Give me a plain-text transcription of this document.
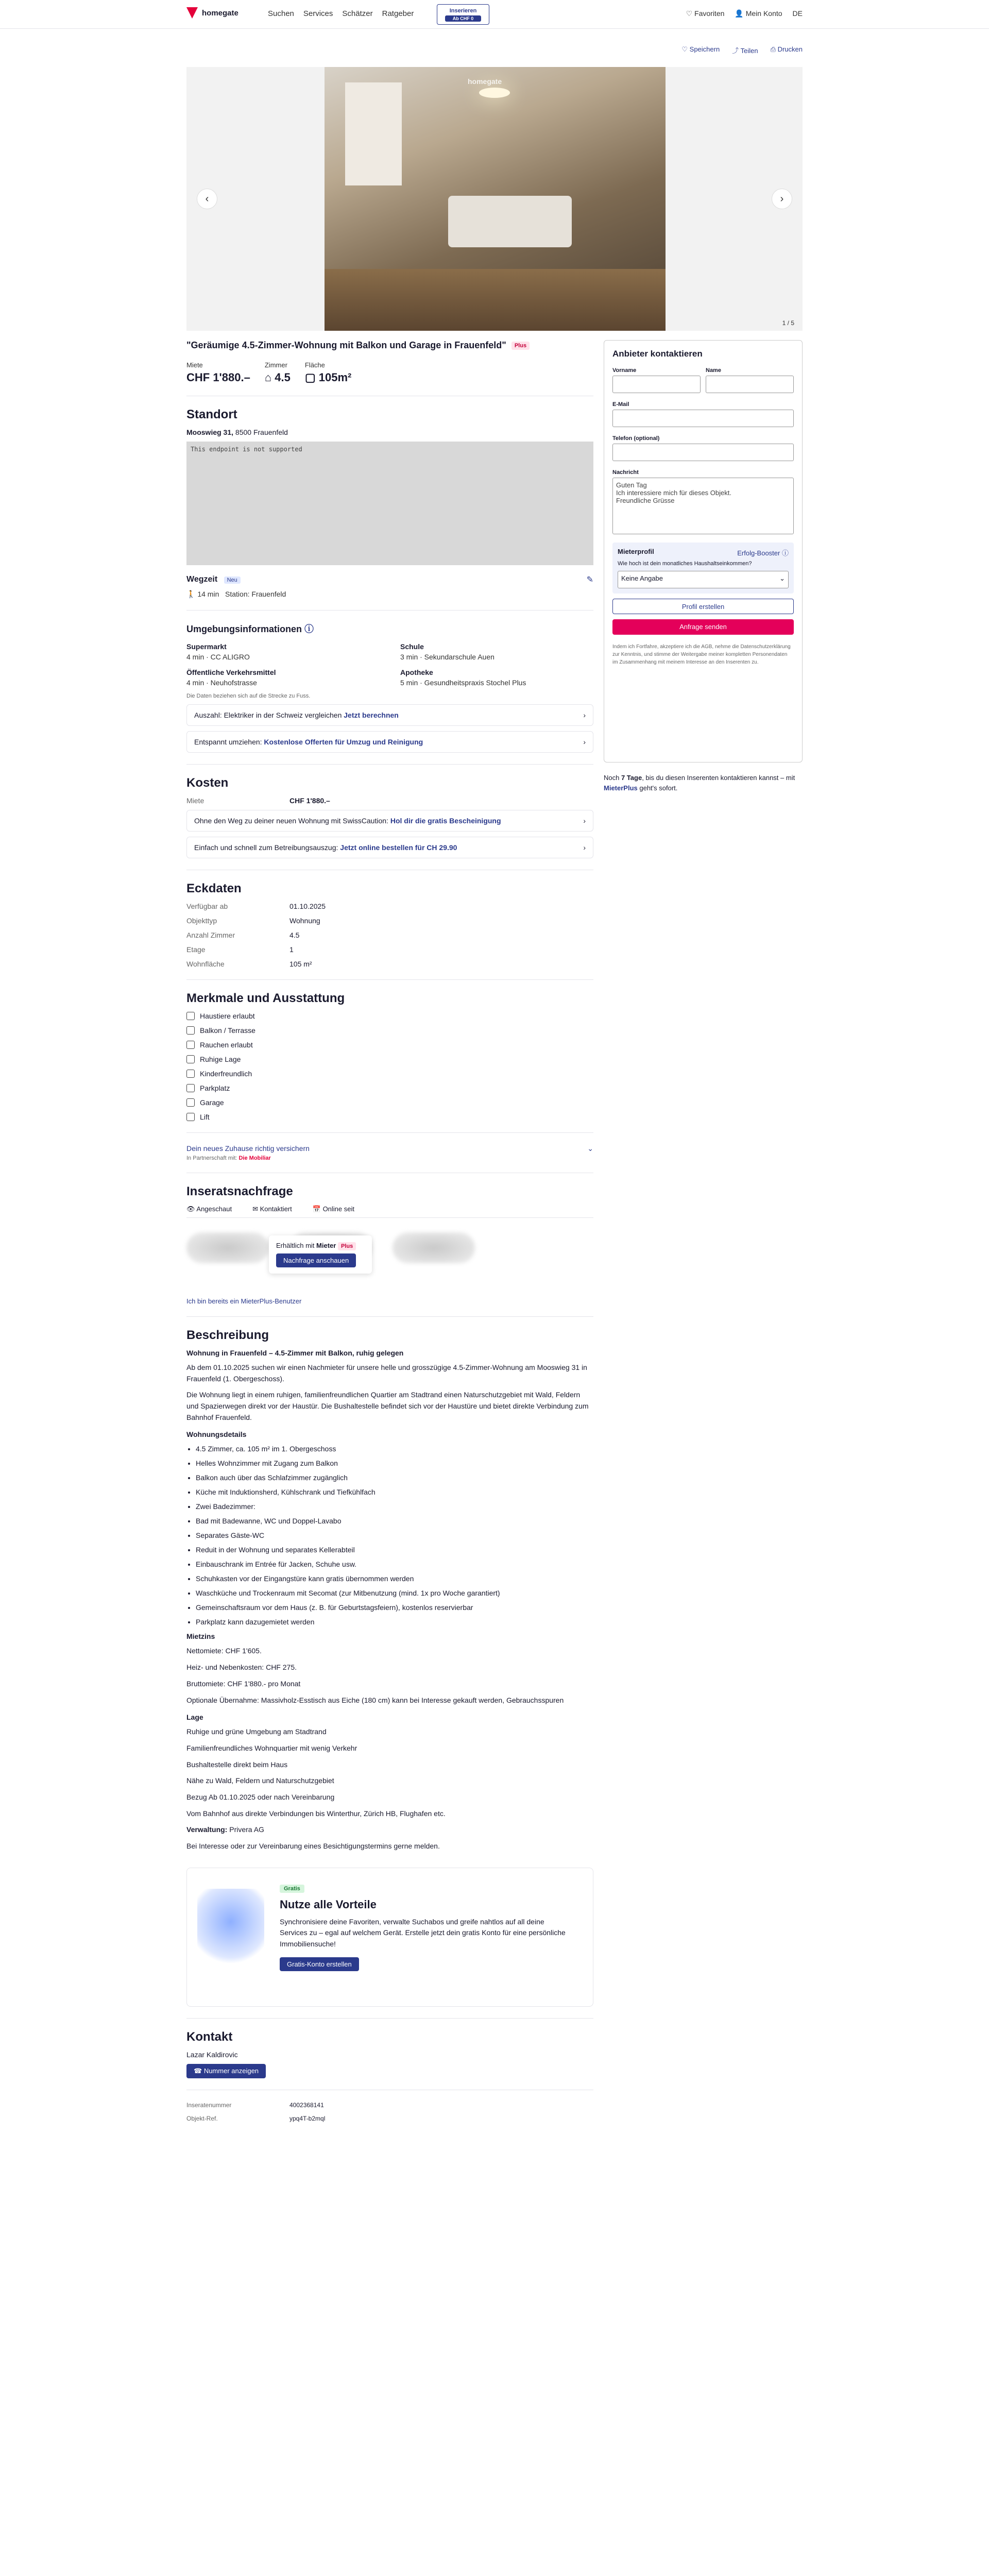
homegate	Suchen Services Schätzer Ratgeber	Inserieren
Ab CHF 0
♡ Favoriten 👤 Mein Konto DE
♡ Speichern ⤴ Teilen ⎙ Drucken
homegate
‹	›
1 / 5
"Geräumige 4.5-Zimmer-Wohnung mit Balkon und Garage in Frauenfeld"	Plus
Miete
CHF 1'880.–
Zimmer
⌂ 4.5
Fläche
▢ 105m²
Standort
Mooswieg 31, 8500 Frauenfeld
This endpoint is not supported
Wegzeit Neu	✎
🚶 14 min Station: Frauenfeld
Umgebungsinformationen ⓘ
Supermarkt
4 min · CC ALIGRO
Schule
3 min · Sekundarschule Auen
Öffentliche Verkehrsmittel
4 min · Neuhofstrasse
Apotheke
5 min · Gesundheitspraxis Stochel Plus
Die Daten beziehen sich auf die Strecke zu Fuss.
Auszahl: Elektriker in der Schweiz vergleichen Jetzt berechnen	›
Entspannt umziehen: Kostenlose Offerten für Umzug und Reinigung	›
Kosten
Miete	CHF 1'880.–
Ohne den Weg zu deiner neuen Wohnung mit SwissCaution: Hol dir die gratis Bescheinigung	›
Einfach und schnell zum Betreibungsauszug: Jetzt online bestellen für CH 29.90	›
Eckdaten
Verfügbar ab	01.10.2025
Objekttyp	Wohnung
Anzahl Zimmer	4.5
Etage	1
Wohnfläche	105 m²
Merkmale und Ausstattung
Haustiere erlaubt
Balkon / Terrasse
Rauchen erlaubt
Ruhige Lage
Kinderfreundlich
Parkplatz
Garage
Lift
Dein neues Zuhause richtig versichern	⌄
In Partnerschaft mit: Die Mobiliar
Inseratsnachfrage
👁 Angeschaut	✉ Kontaktiert	📅 Online seit
Erhältlich mit Mieter Plus
Nachfrage anschauen
Ich bin bereits ein MieterPlus-Benutzer
Beschreibung
Wohnung in Frauenfeld – 4.5-Zimmer mit Balkon, ruhig gelegen
Ab dem 01.10.2025 suchen wir einen Nachmieter für unsere helle und grosszügige 4.5-Zimmer-Wohnung am Mooswieg 31 in Frauenfeld (1. Obergeschoss).
Die Wohnung liegt in einem ruhigen, familienfreundlichen Quartier am Stadtrand einen Naturschutzgebiet mit Wald, Feldern und Spazierwegen direkt vor der Haustür. Die Bushaltestelle befindet sich vor der Haustüre und bietet direkte Verbindung zum Bahnhof Frauenfeld.
Wohnungsdetails
• 4.5 Zimmer, ca. 105 m² im 1. Obergeschoss
• Helles Wohnzimmer mit Zugang zum Balkon
• Balkon auch über das Schlafzimmer zugänglich
• Küche mit Induktionsherd, Kühlschrank und Tiefkühlfach
• Zwei Badezimmer:
• Bad mit Badewanne, WC und Doppel-Lavabo
• Separates Gäste-WC
• Reduit in der Wohnung und separates Kellerabteil
• Einbauschrank im Entrée für Jacken, Schuhe usw.
• Schuhkasten vor der Eingangstüre kann gratis übernommen werden
• Waschküche und Trockenraum mit Secomat (zur Mitbenutzung (mind. 1x pro Woche garantiert)
• Gemeinschaftsraum vor dem Haus (z. B. für Geburtstagsfeiern), kostenlos reservierbar
• Parkplatz kann dazugemietet werden
Mietzins
Nettomiete: CHF 1'605.
Heiz- und Nebenkosten: CHF 275.
Bruttomiete: CHF 1'880.- pro Monat
Optionale Übernahme: Massivholz-Esstisch aus Eiche (180 cm) kann bei Interesse gekauft werden, Gebrauchsspuren
Lage
Ruhige und grüne Umgebung am Stadtrand
Familienfreundliches Wohnquartier mit wenig Verkehr
Bushaltestelle direkt beim Haus
Nähe zu Wald, Feldern und Naturschutzgebiet
Bezug Ab 01.10.2025 oder nach Vereinbarung
Vom Bahnhof aus direkte Verbindungen bis Winterthur, Zürich HB, Flughafen etc.
Verwaltung: Privera AG
Bei Interesse oder zur Vereinbarung eines Besichtigungstermins gerne melden.
Gratis
Nutze alle Vorteile
Synchronisiere deine Favoriten, verwalte Suchabos und greife nahtlos auf all deine Services zu – egal auf welchem Gerät. Erstelle jetzt dein gratis Konto für eine persönliche Immobiliensuche!
Gratis-Konto erstellen
Kontakt
Lazar Kaldirovic
☎ Nummer anzeigen
Inseratenummer	4002368141
Objekt-Ref.	ypq4T-b2mql
Anbieter kontaktieren
Vorname	Name
E-Mail
Telefon (optional)
Nachricht
Guten Tag
Ich interessiere mich für dieses Objekt.
Freundliche Grüsse
Mieterprofil	Erfolg-Booster ⓘ
Wie hoch ist dein monatliches Haushaltseinkommen?
Keine Angabe	⌄
Profil erstellen
Anfrage senden
Indem ich Fortfahre, akzeptiere ich die AGB, nehme die Datenschutzerklärung zur Kenntnis, und stimme der Weitergabe meiner kompletten Personendaten im Zusammenhang mit meinem Interesse an den Inserenten zu.
Noch 7 Tage, bis du diesen Inserenten kontaktieren kannst – mit MieterPlus geht's sofort.
